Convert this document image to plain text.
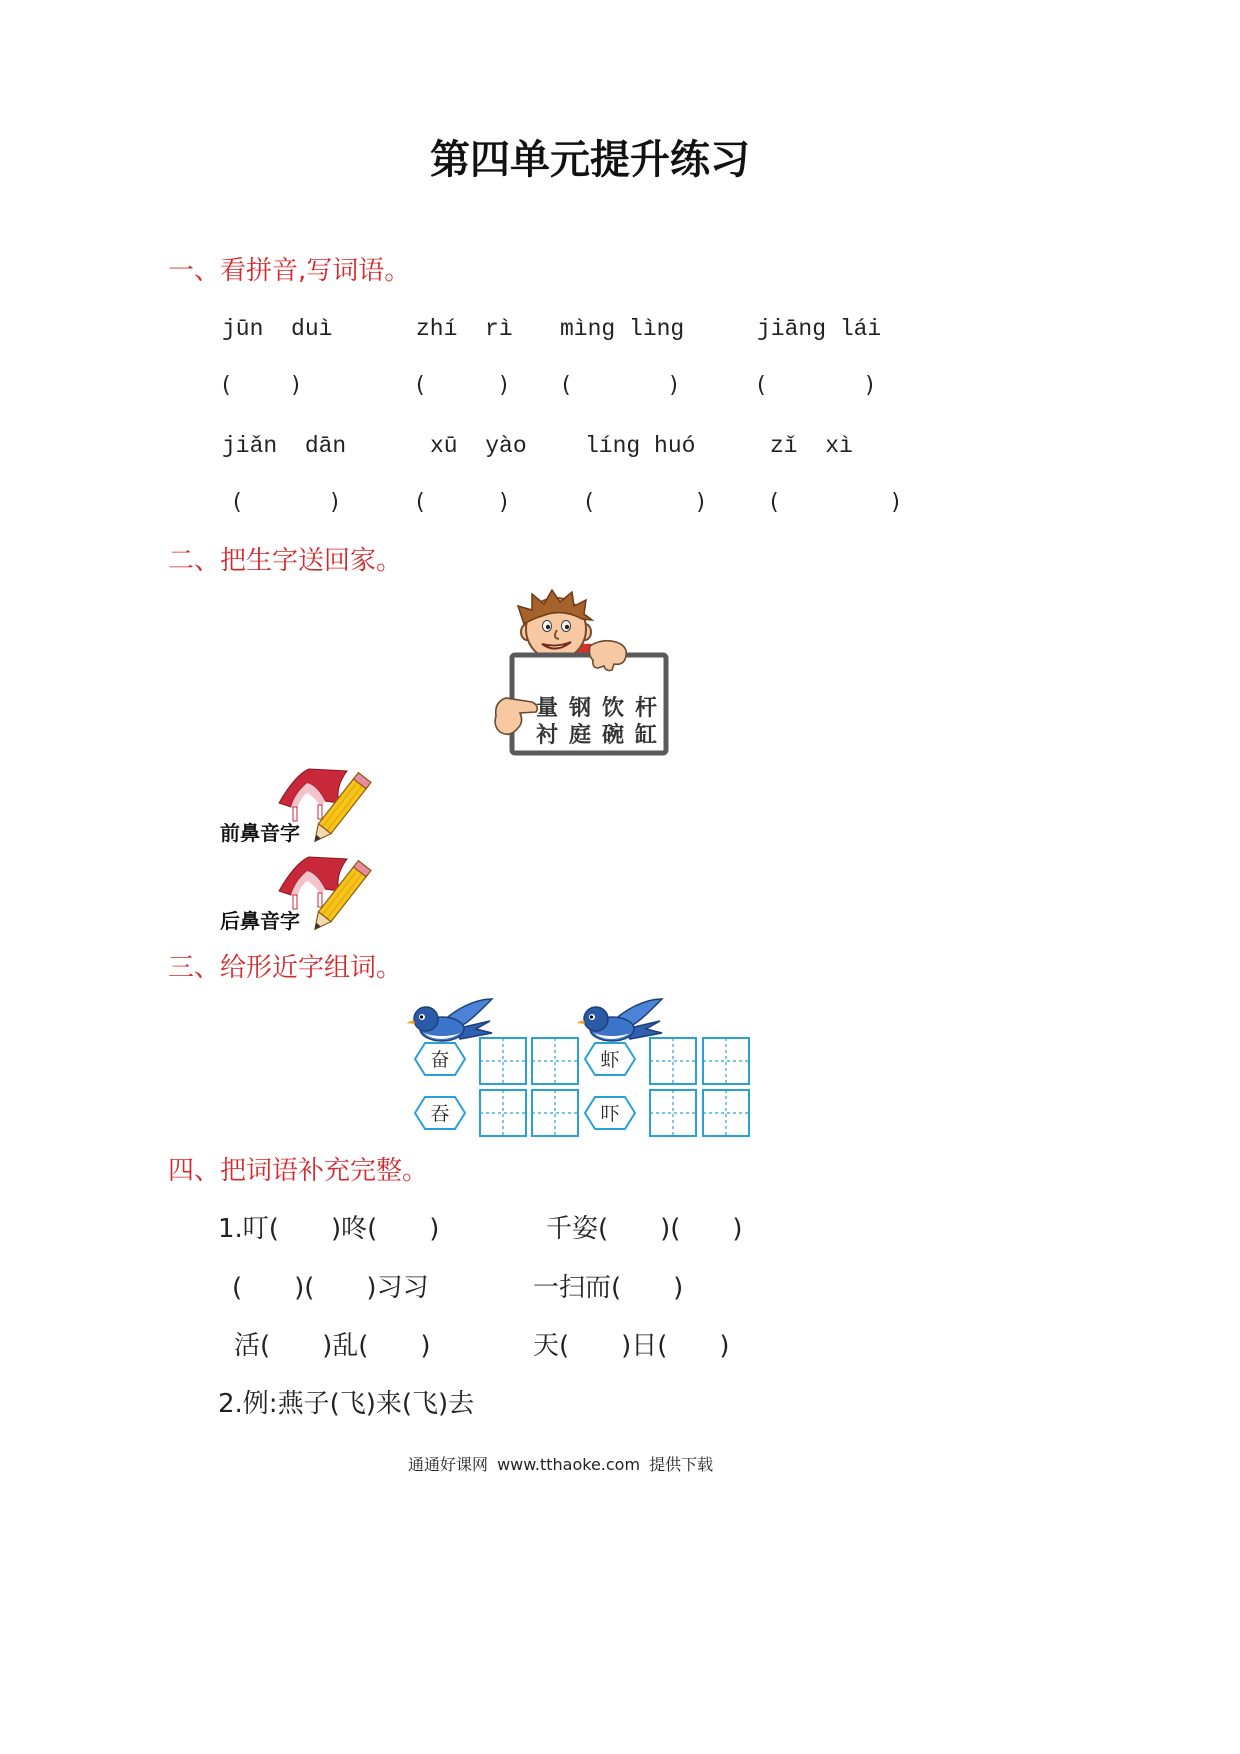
第四单元提升练习
一、看拼音,写词语。
jūn  duì	zhí  rì mìng lìng	jiāng lái
(	)	(	) (	)	(	)
jiǎn  dān	xū  yào	líng huó	zǐ  xì
(	)	(	)	(	)	(	)
二、把生字送回家。
量 钢 饮 杆
衬 庭 碗 缸
前鼻音字
后鼻音字
三、给形近字组词。
奋
吞
虾
吓
四、把词语补充完整。
1.叮(　　)咚(　　)	千姿(　　)(　　)
(　　)(　　)习习	一扫而(　　)
活(　　)乱(　　)	天(　　)日(　　)
2.例:燕子(飞)来(飞)去
通通好课网 www.tthaoke.com 提供下载
